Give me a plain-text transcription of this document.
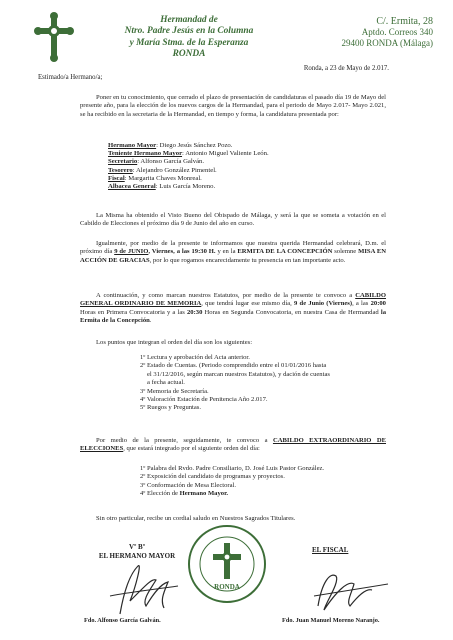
Hermandad de
Ntro. Padre Jesús en la Columna
y María Stma. de la Esperanza
RONDA
C/. Ermita, 28
Aptdo. Correos 340
29400 RONDA (Málaga)
Ronda, a 23 de Mayo de 2.017.
Estimado/a Hermano/a;
Poner en tu conocimiento, que cerrado el plazo de presentación de candidaturas el pasado día 19 de Mayo del presente año, para la elección de los nuevos cargos de la Hermandad, para el periodo de Mayo 2.017- Mayo 2.021, se ha recibido en la secretaria de la Hermandad, en tiempo y forma, la candidatura presentada por:
Hermano Mayor: Diego Jesús Sánchez Pozo.
Teniente Hermano Mayor: Antonio Miguel Valiente León.
Secretario: Alfonso García Galván.
Tesorero: Alejandro González Pimentel.
Fiscal: Margarita Chaves Monreal.
Albacea General: Luis García Moreno.
La Misma ha obtenido el Visto Bueno del Obispado de Málaga, y será la que se someta a votación en el Cabildo de Elecciones el próximo día 9 de Junio del año en curso.
Igualmente, por medio de la presente te informamos que nuestra querida Hermandad celebrará, D.m. el próximo día 9 de JUNIO, Viernes, a las 19:30 H. y en la ERMITA DE LA CONCEPCIÓN solemne MISA EN ACCIÓN DE GRACIAS, por lo que rogamos encarecidamente tu presencia en tan importante acto.
A continuación, y como marcan nuestros Estatutos, por medio de la presente te convoco a CABILDO GENERAL ORDINARIO DE MEMORIA, que tendrá lugar ese mismo día, 9 de Junio (Viernes), a las 20:00 Horas en Primera Convocatoria y a las 20:30 Horas en Segunda Convocatoria, en nuestra Casa de Hermandad la Ermita de la Concepción.
Los puntos que integran el orden del día son los siguientes:
1º Lectura y aprobación del Acta anterior.
2º Estado de Cuentas. (Periodo comprendido entre el 01/01/2016 hasta
el 31/12/2016, según marcan nuestros Estatutos), y dación de cuentas
a fecha actual.
3º Memoria de Secretaría.
4º Valoración Estación de Penitencia Año 2.017.
5º Ruegos y Preguntas.
Por medio de la presente, seguidamente, te convoco a CABILDO EXTRAORDINARIO DE ELECCIONES, que estará integrado por el siguiente orden del día:
1º Palabra del Rvdo. Padre Consiliario, D. José Luis Pastor González.
2º Exposición del candidato de programas y proyectos.
3º Conformación de Mesa Electoral.
4º Elección de Hermano Mayor.
Sin otro particular, recibe un cordial saludo en Nuestros Sagrados Titulares.
Vº Bº
EL HERMANO MAYOR
EL FISCAL
RONDA
Fdo. Alfonso García Galván.	Fdo. Juan Manuel Moreno Naranjo.
